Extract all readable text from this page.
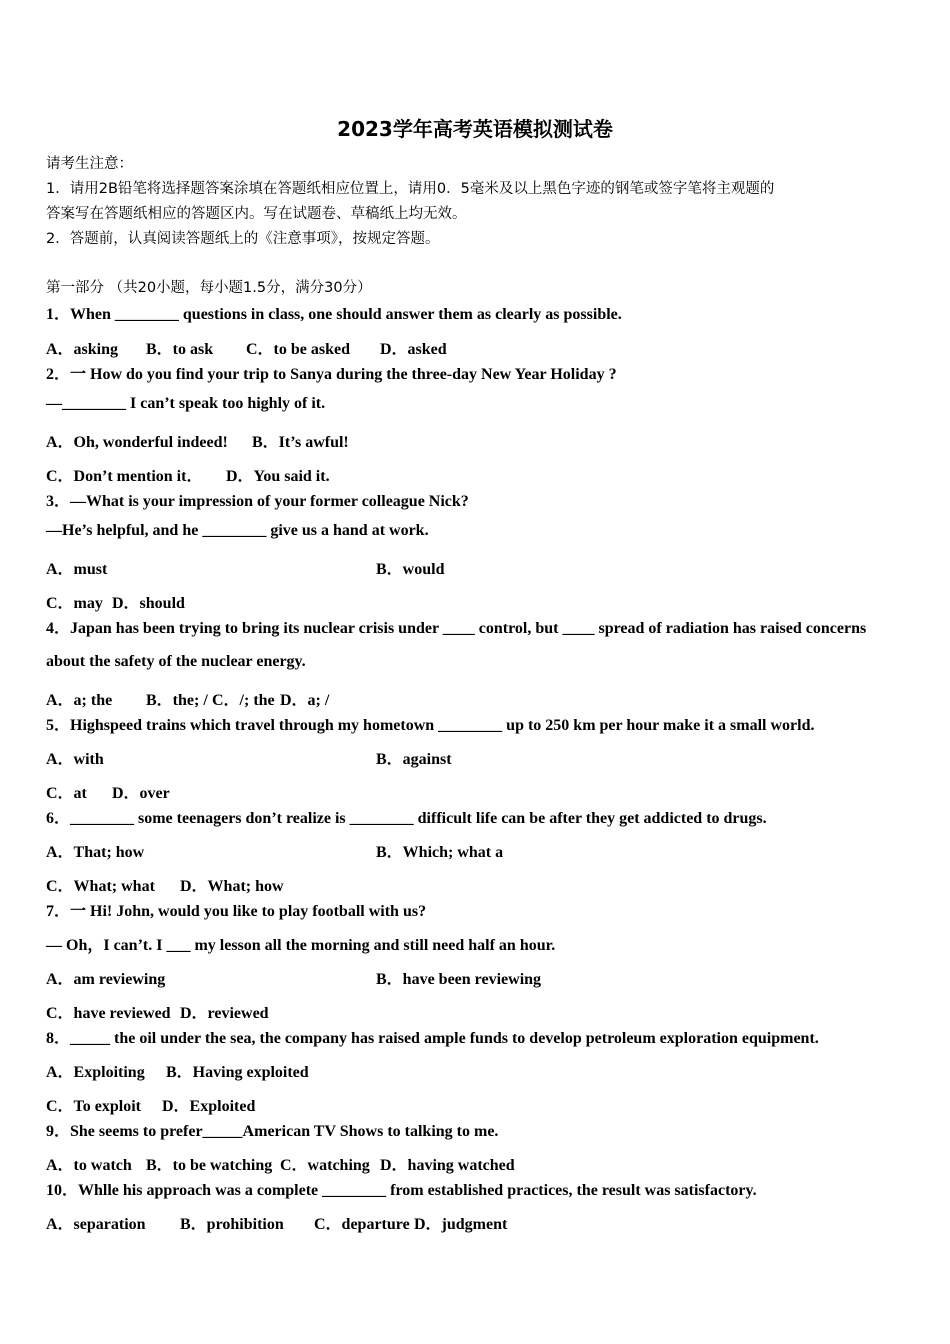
2023学年高考英语模拟测试卷
请考生注意：
1．请用2B铅笔将选择题答案涂填在答题纸相应位置上，请用0．5毫米及以上黑色字迹的钢笔或签字笔将主观题的
答案写在答题纸相应的答题区内。写在试题卷、草稿纸上均无效。
2．答题前，认真阅读答题纸上的《注意事项》，按规定答题。
第一部分 （共20小题，每小题1.5分，满分30分）
1．When ________ questions in class, one should answer them as clearly as possible.
A．asking B．to ask C．to be asked D．asked
2．一 How do you find your trip to Sanya during the three-day New Year Holiday ?
—________ I can’t speak too highly of it.
A．Oh, wonderful indeed! B．It’s awful!
C．Don’t mention it． D．You said it.
3．—What is your impression of your former colleague Nick?
—He’s helpful, and he ________ give us a hand at work.
A．must	B．would
C．may D．should
4．Japan has been trying to bring its nuclear crisis under ____ control, but ____ spread of radiation has raised concerns
about the safety of the nuclear energy.
A．a; the B．the; / C．/; the D．a; /
5．Highspeed trains which travel through my hometown ________ up to 250 km per hour make it a small world.
A．with	B．against
C．at D．over
6．________ some teenagers don’t realize is ________ difficult life can be after they get addicted to drugs.
A．That; how	B．Which; what a
C．What; what D．What; how
7．一 Hi! John, would you like to play football with us?
— Oh，I can’t. I ___ my lesson all the morning and still need half an hour.
A．am reviewing	B．have been reviewing
C．have reviewed D．reviewed
8．_____ the oil under the sea, the company has raised ample funds to develop petroleum exploration equipment.
A．Exploiting B．Having exploited
C．To exploit D．Exploited
9．She seems to prefer_____American TV Shows to talking to me.
A．to watch B．to be watching C．watching D．having watched
10．Whlle his approach was a complete ________ from established practices, the result was satisfactory.
A．separation B．prohibition C．departure D．judgment
